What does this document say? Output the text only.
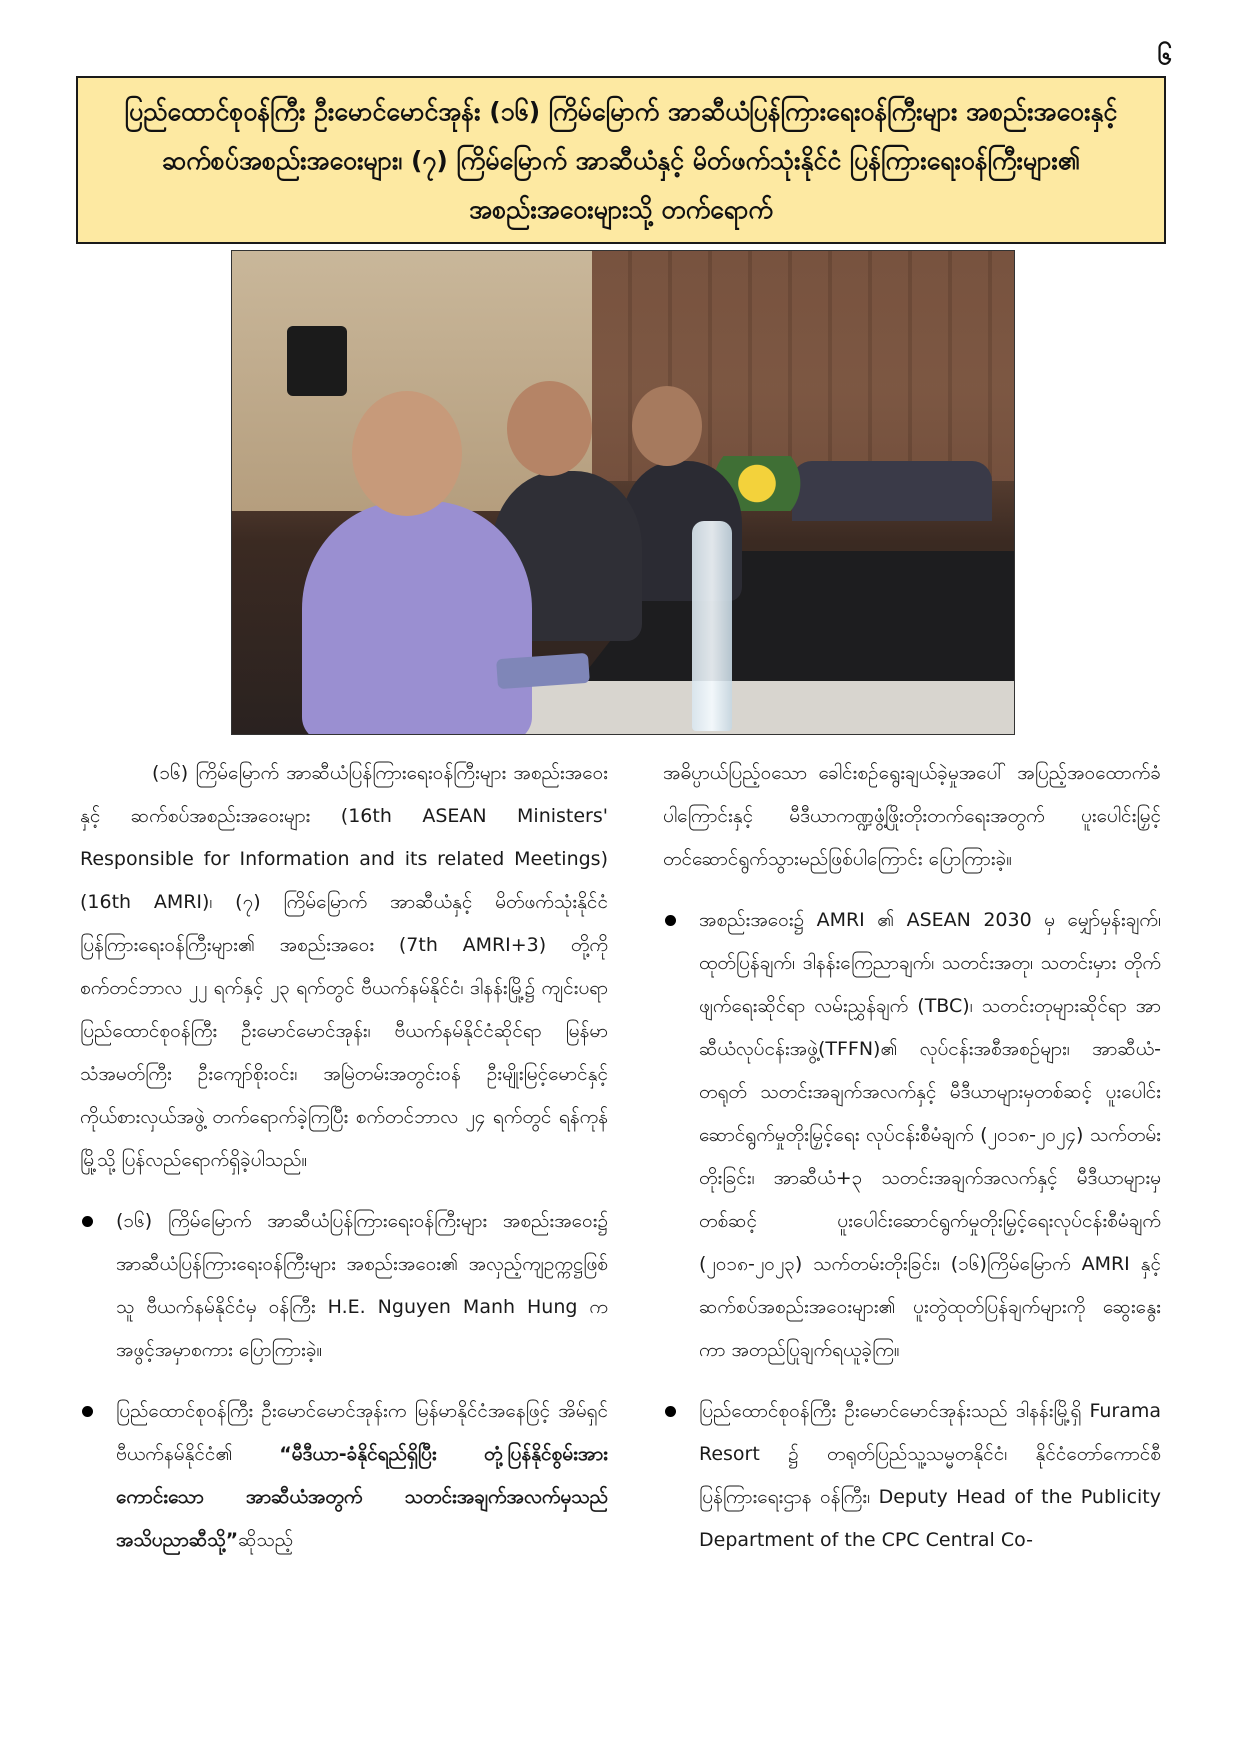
၆
ပြည်ထောင်စုဝန်ကြီး ဦးမောင်မောင်အုန်း (၁၆) ကြိမ်မြောက် အာဆီယံပြန်ကြားရေးဝန်ကြီးများ အစည်းအဝေးနှင့် ဆက်စပ်အစည်းအဝေးများ၊ (၇) ကြိမ်မြောက် အာဆီယံနှင့် မိတ်ဖက်သုံးနိုင်ငံ ပြန်ကြားရေးဝန်ကြီးများ၏ အစည်းအဝေးများသို့ တက်ရောက်

(၁၆) ကြိမ်မြောက် အာဆီယံပြန်ကြားရေးဝန်ကြီးများ အစည်းအဝေးနှင့် ဆက်စပ်အစည်းအဝေးများ (16th ASEAN Ministers' Responsible for Information and its related Meetings) (16th AMRI)၊ (၇) ကြိမ်မြောက် အာဆီယံနှင့် မိတ်ဖက်သုံးနိုင်ငံ ပြန်ကြားရေးဝန်ကြီးများ၏ အစည်းအဝေး (7th AMRI+3) တို့ကို စက်တင်ဘာလ ၂၂ ရက်နှင့် ၂၃ ရက်တွင် ဗီယက်နမ်နိုင်ငံ၊ ဒါနန်းမြို့၌ ကျင်းပရာ ပြည်ထောင်စုဝန်ကြီး ဦးမောင်မောင်အုန်း၊ ဗီယက်နမ်နိုင်ငံဆိုင်ရာ မြန်မာသံအမတ်ကြီး ဦးကျော်စိုးဝင်း၊ အမြဲတမ်းအတွင်းဝန် ဦးမျိုးမြင့်မောင်နှင့် ကိုယ်စားလှယ်အဖွဲ့ တက်ရောက်ခဲ့ကြပြီး စက်တင်ဘာလ ၂၄ ရက်တွင် ရန်ကုန်မြို့သို့ ပြန်လည်ရောက်ရှိခဲ့ပါသည်။

(၁၆) ကြိမ်မြောက် အာဆီယံပြန်ကြားရေးဝန်ကြီးများ အစည်းအဝေး၌ အာဆီယံပြန်ကြားရေးဝန်ကြီးများ အစည်းအဝေး၏ အလှည့်ကျဥက္ကဋ္ဌဖြစ်သူ ဗီယက်နမ်နိုင်ငံမှ ဝန်ကြီး H.E. Nguyen Manh Hung က အဖွင့်အမှာစကား ပြောကြားခဲ့။

ပြည်ထောင်စုဝန်ကြီး ဦးမောင်မောင်အုန်းက မြန်မာနိုင်ငံအနေဖြင့် အိမ်ရှင်ဗီယက်နမ်နိုင်ငံ၏ “မီဒီယာ-ခံနိုင်ရည်ရှိပြီး တုံ့ပြန်နိုင်စွမ်းအားကောင်းသော အာဆီယံအတွက် သတင်းအချက်အလက်မှသည် အသိပညာဆီသို့”ဆိုသည့်

အဓိပ္ပာယ်ပြည့်ဝသော ခေါင်းစဉ်ရွေးချယ်ခဲ့မှုအပေါ် အပြည့်အဝထောက်ခံပါကြောင်းနှင့် မီဒီယာကဏ္ဍဖွံ့ဖြိုးတိုးတက်ရေးအတွက် ပူးပေါင်းမြှင့်တင်ဆောင်ရွက်သွားမည်ဖြစ်ပါကြောင်း ပြောကြားခဲ့။

အစည်းအဝေး၌ AMRI ၏ ASEAN 2030 မှ မျှော်မှန်းချက်၊ ထုတ်ပြန်ချက်၊ ဒါနန်းကြေညာချက်၊ သတင်းအတု၊ သတင်းမှား တိုက်ဖျက်ရေးဆိုင်ရာ လမ်းညွှန်ချက် (TBC)၊ သတင်းတုများဆိုင်ရာ အာဆီယံလုပ်ငန်းအဖွဲ့(TFFN)၏ လုပ်ငန်းအစီအစဉ်များ၊ အာဆီယံ-တရုတ် သတင်းအချက်အလက်နှင့် မီဒီယာများမှတစ်ဆင့် ပူးပေါင်းဆောင်ရွက်မှုတိုးမြှင့်ရေး လုပ်ငန်းစီမံချက် (၂၀၁၈-၂၀၂၄) သက်တမ်းတိုးခြင်း၊ အာဆီယံ+၃ သတင်းအချက်အလက်နှင့် မီဒီယာများမှတစ်ဆင့် ပူးပေါင်းဆောင်ရွက်မှုတိုးမြှင့်ရေးလုပ်ငန်းစီမံချက် (၂၀၁၈-၂၀၂၃) သက်တမ်းတိုးခြင်း၊ (၁၆)ကြိမ်မြောက် AMRI နှင့် ဆက်စပ်အစည်းအဝေးများ၏ ပူးတွဲထုတ်ပြန်ချက်များကို ဆွေးနွေးကာ အတည်ပြုချက်ရယူခဲ့ကြ။

ပြည်ထောင်စုဝန်ကြီး ဦးမောင်မောင်အုန်းသည် ဒါနန်းမြို့ရှိ Furama Resort ၌ တရုတ်ပြည်သူ့သမ္မတနိုင်ငံ၊ နိုင်ငံတော်ကောင်စီပြန်ကြားရေးဌာန ဝန်ကြီး၊ Deputy Head of the Publicity Department of the CPC Central Co-
